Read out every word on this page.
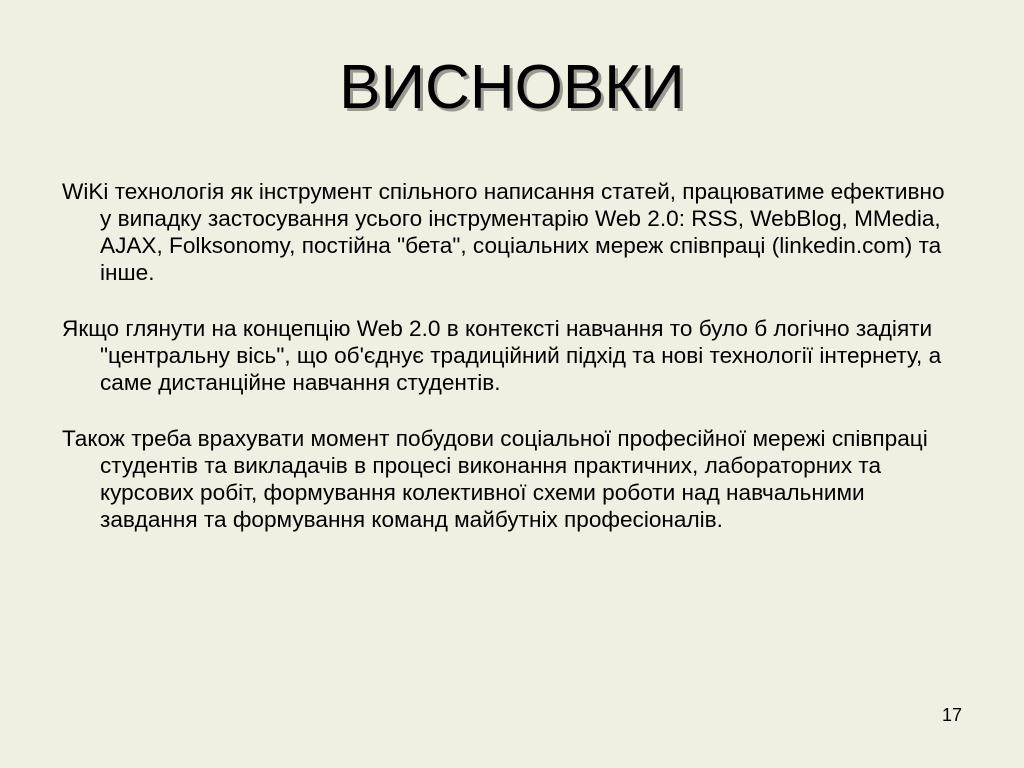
ВИСНОВКИ

WiKi технологія як інструмент спільного написання статей, працюватиме ефективно у випадку застосування усього інструментарію Web 2.0: RSS, WebBlog, MMedia, AJAX, Folksonomy, постійна "бета", соціальних мереж співпраці (linkedin.com) та інше.

Якщо глянути на концепцію Web 2.0 в контексті навчання то було б логічно задіяти "центральну вісь", що об'єднує традиційний підхід та нові технології інтернету, а саме дистанційне навчання студентів.

Також треба врахувати момент побудови соціальної професійної мережі співпраці студентів та викладачів в процесі виконання практичних, лабораторних та курсових робіт, формування колективної схеми роботи над навчальними завдання та формування команд майбутніх професіоналів.

17
